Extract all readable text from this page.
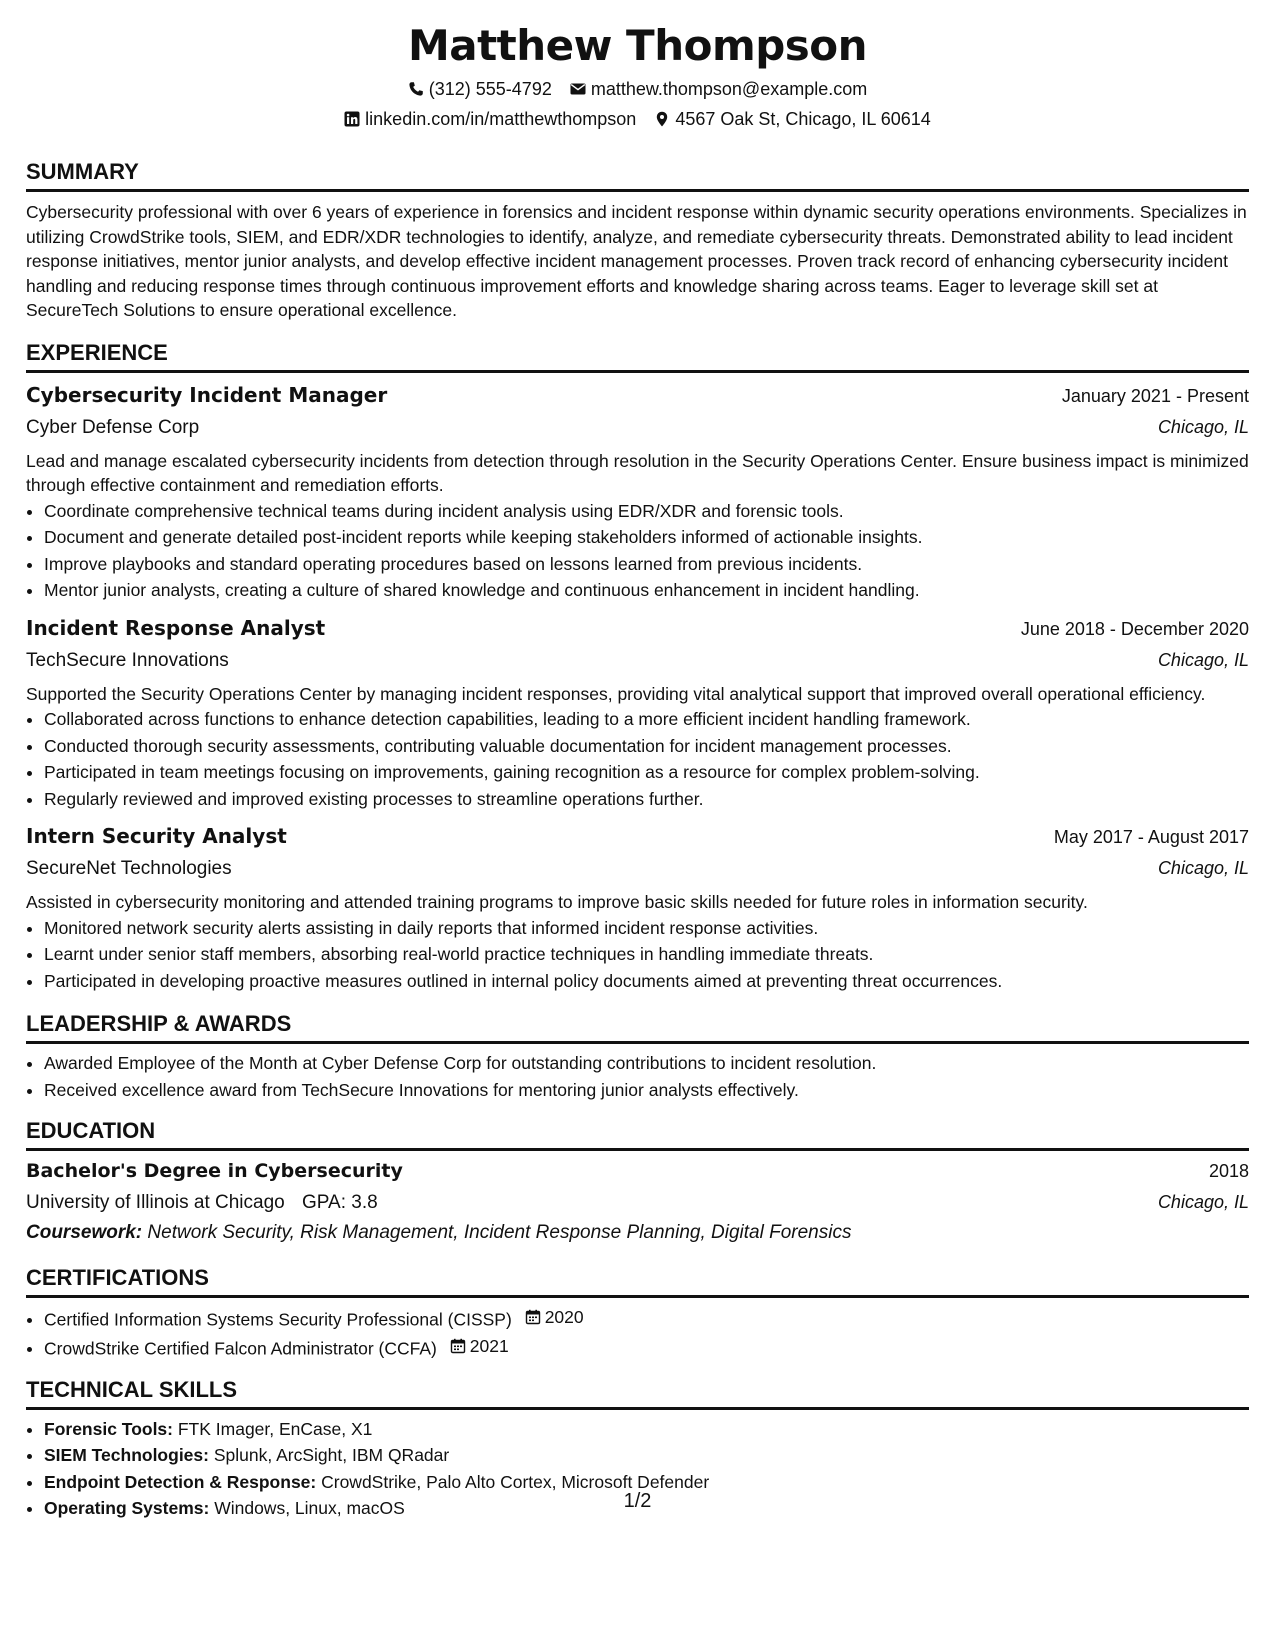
Matthew Thompson
(312) 555-4792 matthew.thompson@example.com
linkedin.com/in/matthewthompson 4567 Oak St, Chicago, IL 60614
SUMMARY

Cybersecurity professional with over 6 years of experience in forensics and incident response within dynamic security operations environments. Specializes in utilizing CrowdStrike tools, SIEM, and EDR/XDR technologies to identify, analyze, and remediate cybersecurity threats. Demonstrated ability to lead incident response initiatives, mentor junior analysts, and develop effective incident management processes. Proven track record of enhancing cybersecurity incident handling and reducing response times through continuous improvement efforts and knowledge sharing across teams. Eager to leverage skill set at SecureTech Solutions to ensure operational excellence.

EXPERIENCE
Cybersecurity Incident Manager	January 2021 - Present
Cyber Defense Corp	Chicago, IL

Lead and manage escalated cybersecurity incidents from detection through resolution in the Security Operations Center. Ensure business impact is minimized through effective containment and remediation efforts.

• Coordinate comprehensive technical teams during incident analysis using EDR/XDR and forensic tools.
• Document and generate detailed post-incident reports while keeping stakeholders informed of actionable insights.
• Improve playbooks and standard operating procedures based on lessons learned from previous incidents.
• Mentor junior analysts, creating a culture of shared knowledge and continuous enhancement in incident handling.
Incident Response Analyst	June 2018 - December 2020
TechSecure Innovations	Chicago, IL

Supported the Security Operations Center by managing incident responses, providing vital analytical support that improved overall operational efficiency.

• Collaborated across functions to enhance detection capabilities, leading to a more efficient incident handling framework.
• Conducted thorough security assessments, contributing valuable documentation for incident management processes.
• Participated in team meetings focusing on improvements, gaining recognition as a resource for complex problem-solving.
• Regularly reviewed and improved existing processes to streamline operations further.
Intern Security Analyst	May 2017 - August 2017
SecureNet Technologies	Chicago, IL

Assisted in cybersecurity monitoring and attended training programs to improve basic skills needed for future roles in information security.

• Monitored network security alerts assisting in daily reports that informed incident response activities.
• Learnt under senior staff members, absorbing real-world practice techniques in handling immediate threats.
• Participated in developing proactive measures outlined in internal policy documents aimed at preventing threat occurrences.
LEADERSHIP & AWARDS
• Awarded Employee of the Month at Cyber Defense Corp for outstanding contributions to incident resolution.
• Received excellence award from TechSecure Innovations for mentoring junior analysts effectively.
EDUCATION
Bachelor's Degree in Cybersecurity	2018
University of Illinois at Chicago GPA: 3.8	Chicago, IL
Coursework: Network Security, Risk Management, Incident Response Planning, Digital Forensics
CERTIFICATIONS
• Certified Information Systems Security Professional (CISSP) 2020
• CrowdStrike Certified Falcon Administrator (CCFA) 2021
TECHNICAL SKILLS
• Forensic Tools: FTK Imager, EnCase, X1
• SIEM Technologies: Splunk, ArcSight, IBM QRadar
• Endpoint Detection & Response: CrowdStrike, Palo Alto Cortex, Microsoft Defender
• Operating Systems: Windows, Linux, macOS	1/2
